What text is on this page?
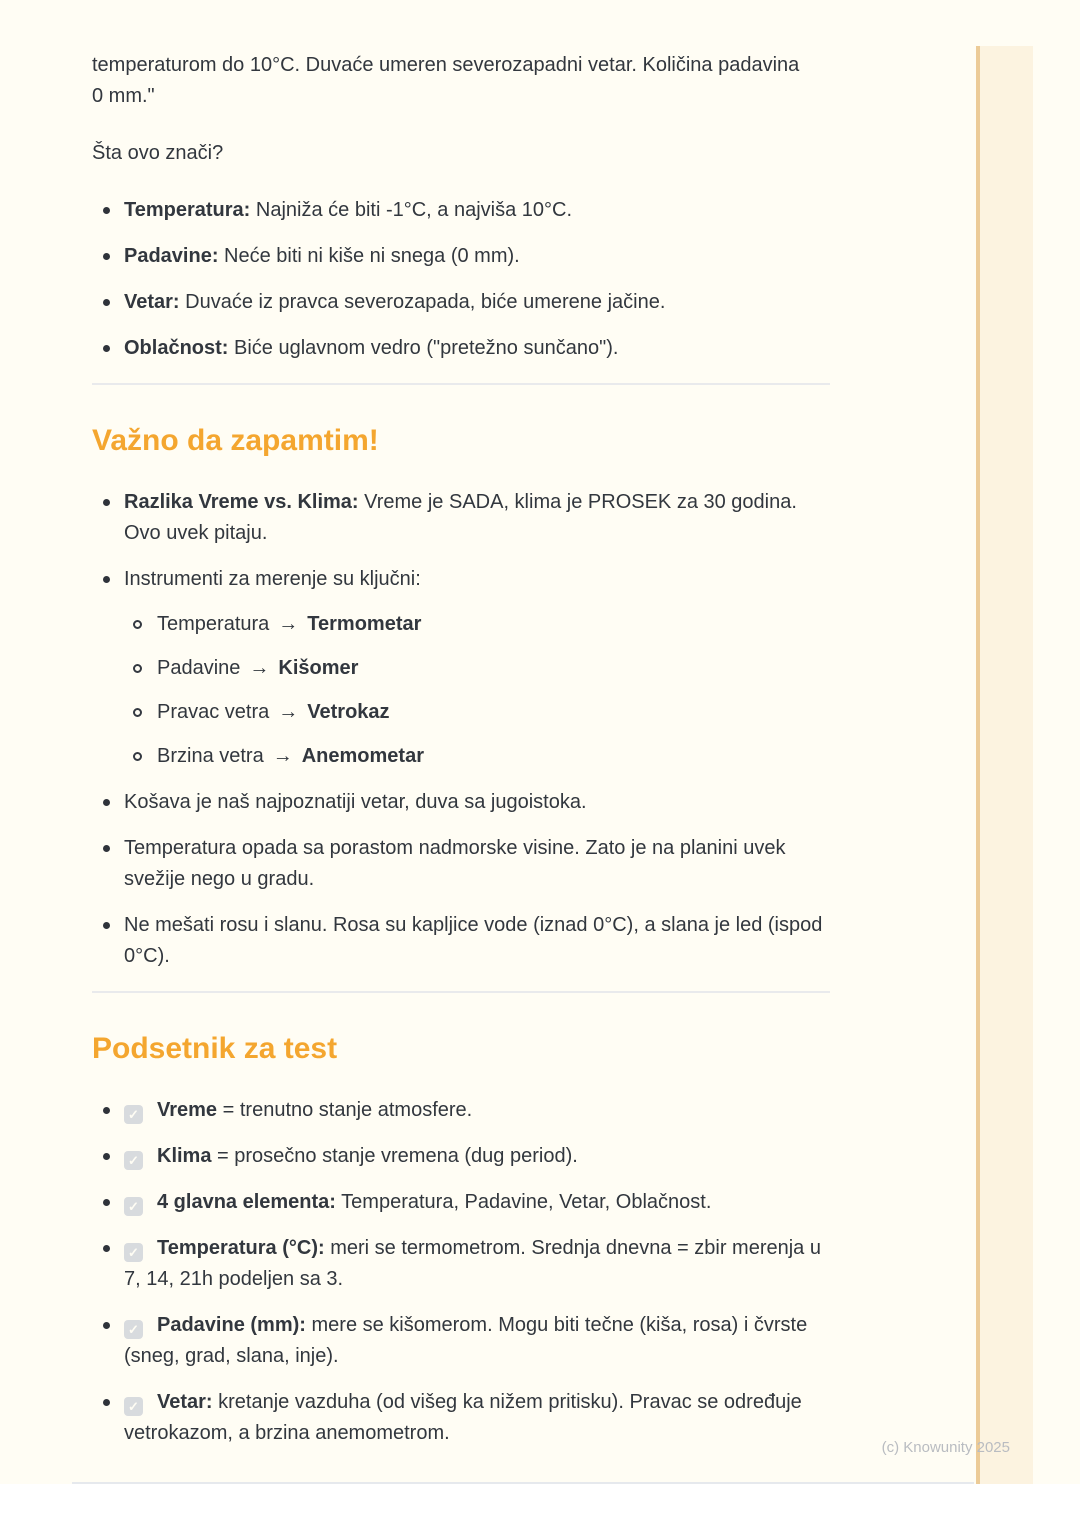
temperaturom do 10°C. Duvaće umeren severozapadni vetar. Količina padavina 0 mm."

Šta ovo znači?

Temperatura: Najniža će biti -1°C, a najviša 10°C.
Padavine: Neće biti ni kiše ni snega (0 mm).
Vetar: Duvaće iz pravca severozapada, biće umerene jačine.
Oblačnost: Biće uglavnom vedro ("pretežno sunčano").
Važno da zapamtim!
Razlika Vreme vs. Klima: Vreme je SADA, klima je PROSEK za 30 godina. Ovo uvek pitaju.
Instrumenti za merenje su ključni:
Temperatura → Termometar
Padavine → Kišomer
Pravac vetra → Vetrokaz
Brzina vetra → Anemometar
Košava je naš najpoznatiji vetar, duva sa jugoistoka.
Temperatura opada sa porastom nadmorske visine. Zato je na planini uvek svežije nego u gradu.
Ne mešati rosu i slanu. Rosa su kapljice vode (iznad 0°C), a slana je led (ispod 0°C).
Podsetnik za test
✓ Vreme = trenutno stanje atmosfere.
✓ Klima = prosečno stanje vremena (dug period).
✓ 4 glavna elementa: Temperatura, Padavine, Vetar, Oblačnost.
✓ Temperatura (°C): meri se termometrom. Srednja dnevna = zbir merenja u 7, 14, 21h podeljen sa 3.
✓ Padavine (mm): mere se kišomerom. Mogu biti tečne (kiša, rosa) i čvrste (sneg, grad, slana, inje).
✓ Vetar: kretanje vazduha (od višeg ka nižem pritisku). Pravac se određuje vetrokazom, a brzina anemometrom.
(c) Knowunity 2025
